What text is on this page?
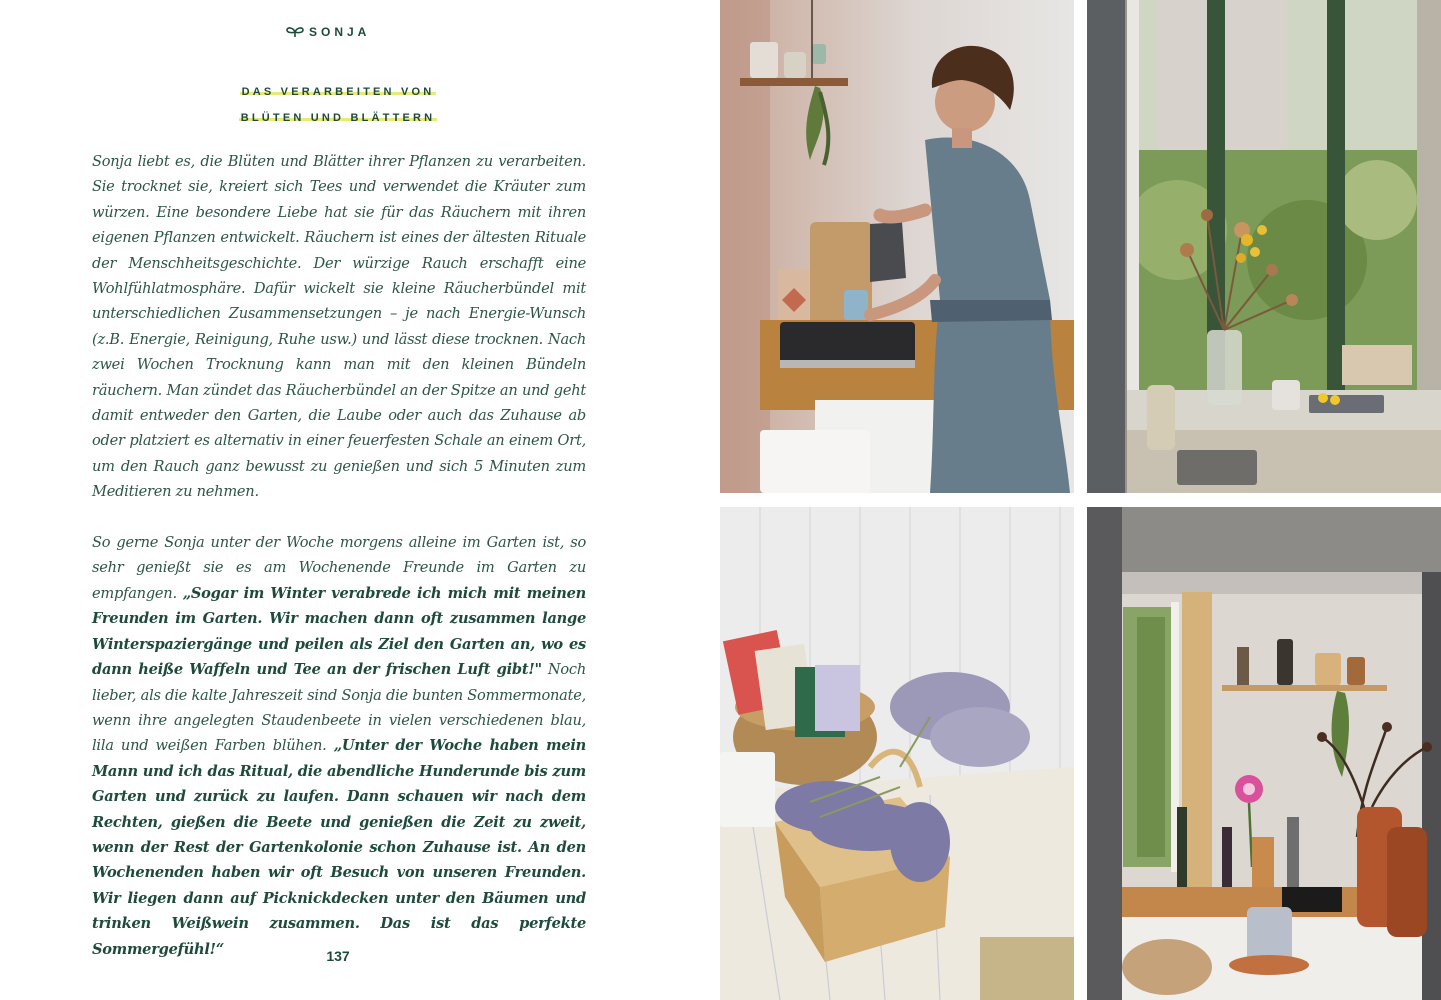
SONJA
DAS VERARBEITEN VON
BLÜTEN UND BLÄTTERN

Sonja liebt es, die Blüten und Blätter ihrer Pflanzen zu verarbeiten. Sie trocknet sie, kreiert sich Tees und verwendet die Kräuter zum würzen. Eine besondere Liebe hat sie für das Räuchern mit ihren eigenen Pflanzen entwickelt. Räuchern ist eines der ältesten Rituale der Menschheitsgeschichte. Der würzige Rauch erschafft eine Wohlfühlatmosphäre. Dafür wickelt sie kleine Räucherbündel mit unterschiedlichen Zusammensetzungen – je nach Energie-Wunsch (z.B. Energie, Reinigung, Ruhe usw.) und lässt diese trocknen. Nach zwei Wochen Trocknung kann man mit den kleinen Bündeln räuchern. Man zündet das Räucherbündel an der Spitze an und geht damit entweder den Garten, die Laube oder auch das Zuhause ab oder platziert es alternativ in einer feuerfesten Schale an einem Ort, um den Rauch ganz bewusst zu genießen und sich 5 Minuten zum Meditieren zu nehmen.

So gerne Sonja unter der Woche morgens alleine im Garten ist, so sehr genießt sie es am Wochenende Freunde im Garten zu empfangen. „Sogar im Winter verabrede ich mich mit meinen Freunden im Garten. Wir machen dann oft zusammen lange Winterspaziergänge und peilen als Ziel den Garten an, wo es dann heiße Waffeln und Tee an der frischen Luft gibt!" Noch lieber, als die kalte Jahreszeit sind Sonja die bunten Sommermonate, wenn ihre angelegten Staudenbeete in vielen verschiedenen blau, lila und weißen Farben blühen. „Unter der Woche haben mein Mann und ich das Ritual, die abendliche Hunderunde bis zum Garten und zurück zu laufen. Dann schauen wir nach dem Rechten, gießen die Beete und genießen die Zeit zu zweit, wenn der Rest der Gartenkolonie schon Zuhause ist. An den Wochenenden haben wir oft Besuch von unseren Freunden. Wir liegen dann auf Picknickdecken unter den Bäumen und trinken Weißwein zusammen. Das ist das perfekte Sommergefühl!“	137
